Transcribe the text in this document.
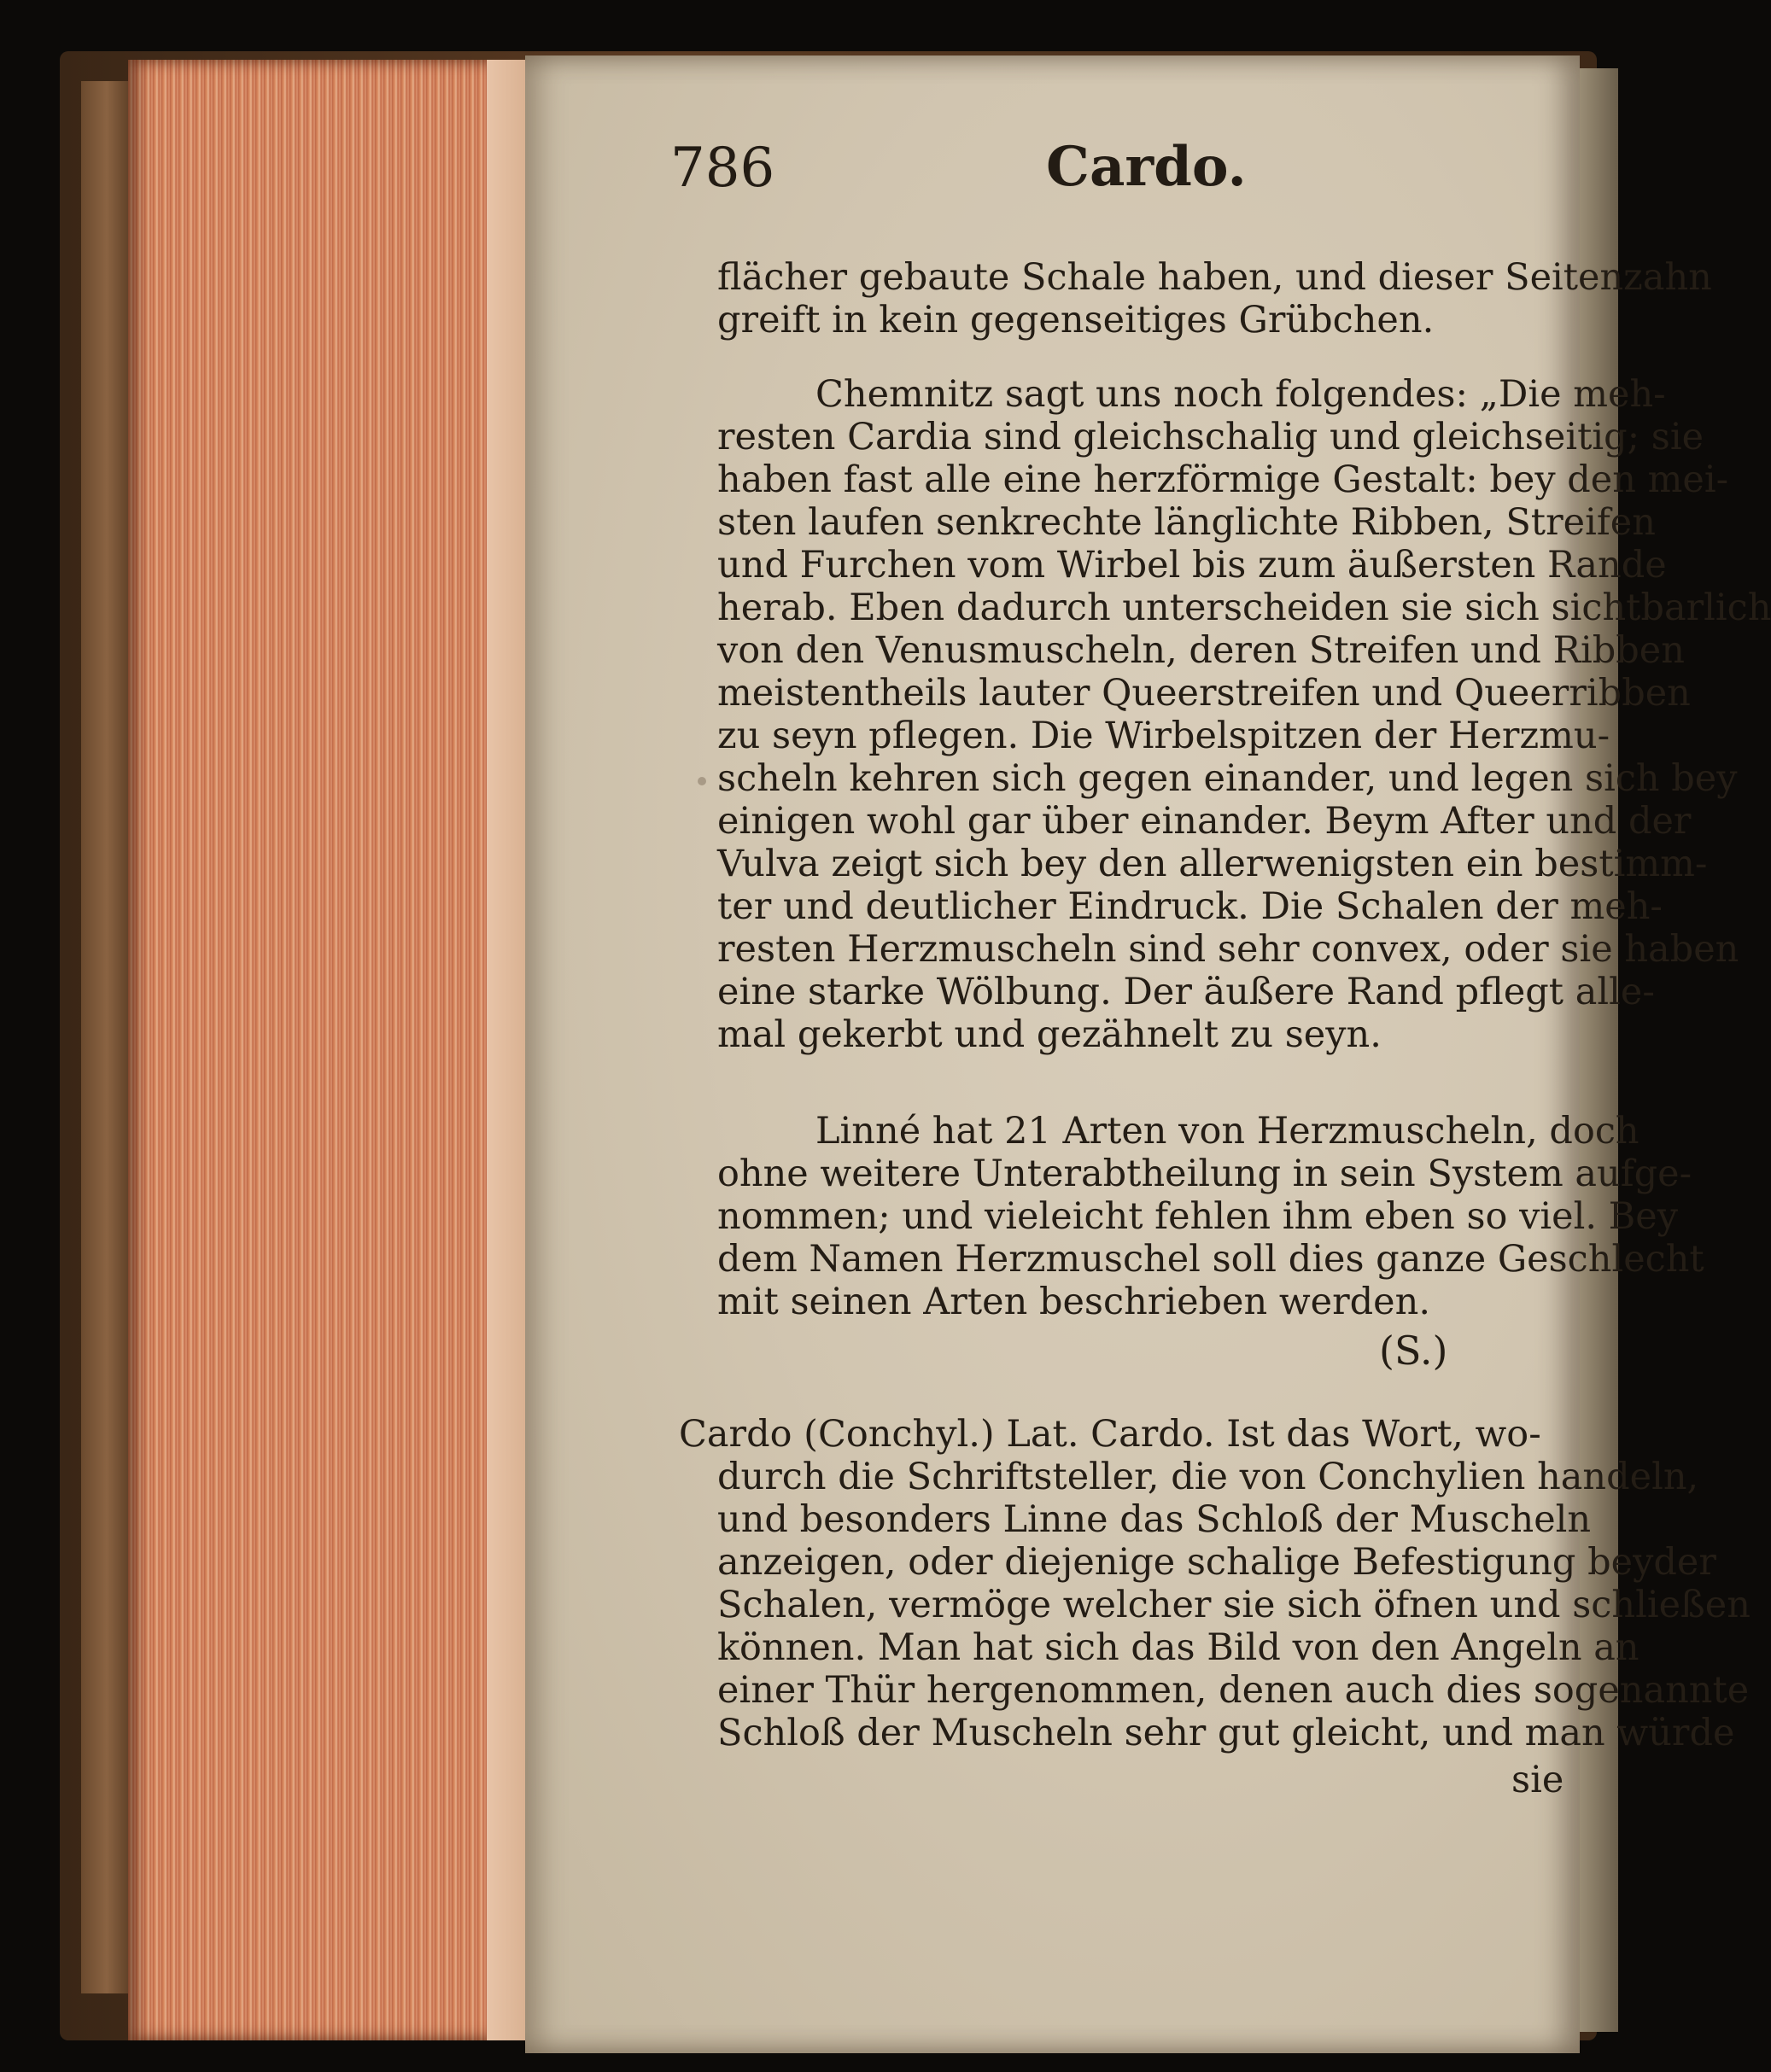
786	Cardo.
flächer gebaute Schale haben, und dieser Seitenzahn
greift in kein gegenseitiges Grübchen.
Chemnitz sagt uns noch folgendes: „Die meh-
resten Cardia sind gleichschalig und gleichseitig; sie
haben fast alle eine herzförmige Gestalt: bey den mei-
sten laufen senkrechte länglichte Ribben, Streifen
und Furchen vom Wirbel bis zum äußersten Rande
herab. Eben dadurch unterscheiden sie sich sichtbarlich
von den Venusmuscheln, deren Streifen und Ribben
meistentheils lauter Queerstreifen und Queerribben
zu seyn pflegen. Die Wirbelspitzen der Herzmu-
scheln kehren sich gegen einander, und legen sich bey
einigen wohl gar über einander. Beym After und der
Vulva zeigt sich bey den allerwenigsten ein bestimm-
ter und deutlicher Eindruck. Die Schalen der meh-
resten Herzmuscheln sind sehr convex, oder sie haben
eine starke Wölbung. Der äußere Rand pflegt alle-
mal gekerbt und gezähnelt zu seyn.
Linné hat 21 Arten von Herzmuscheln, doch
ohne weitere Unterabtheilung in sein System aufge-
nommen; und vieleicht fehlen ihm eben so viel. Bey
dem Namen Herzmuschel soll dies ganze Geschlecht
mit seinen Arten beschrieben werden.
(S.)
Cardo (Conchyl.) Lat. Cardo. Ist das Wort, wo-
durch die Schriftsteller, die von Conchylien handeln,
und besonders Linne das Schloß der Muscheln
anzeigen, oder diejenige schalige Befestigung beyder
Schalen, vermöge welcher sie sich öfnen und schließen
können. Man hat sich das Bild von den Angeln an
einer Thür hergenommen, denen auch dies sogenannte
Schloß der Muscheln sehr gut gleicht, und man würde
sie
